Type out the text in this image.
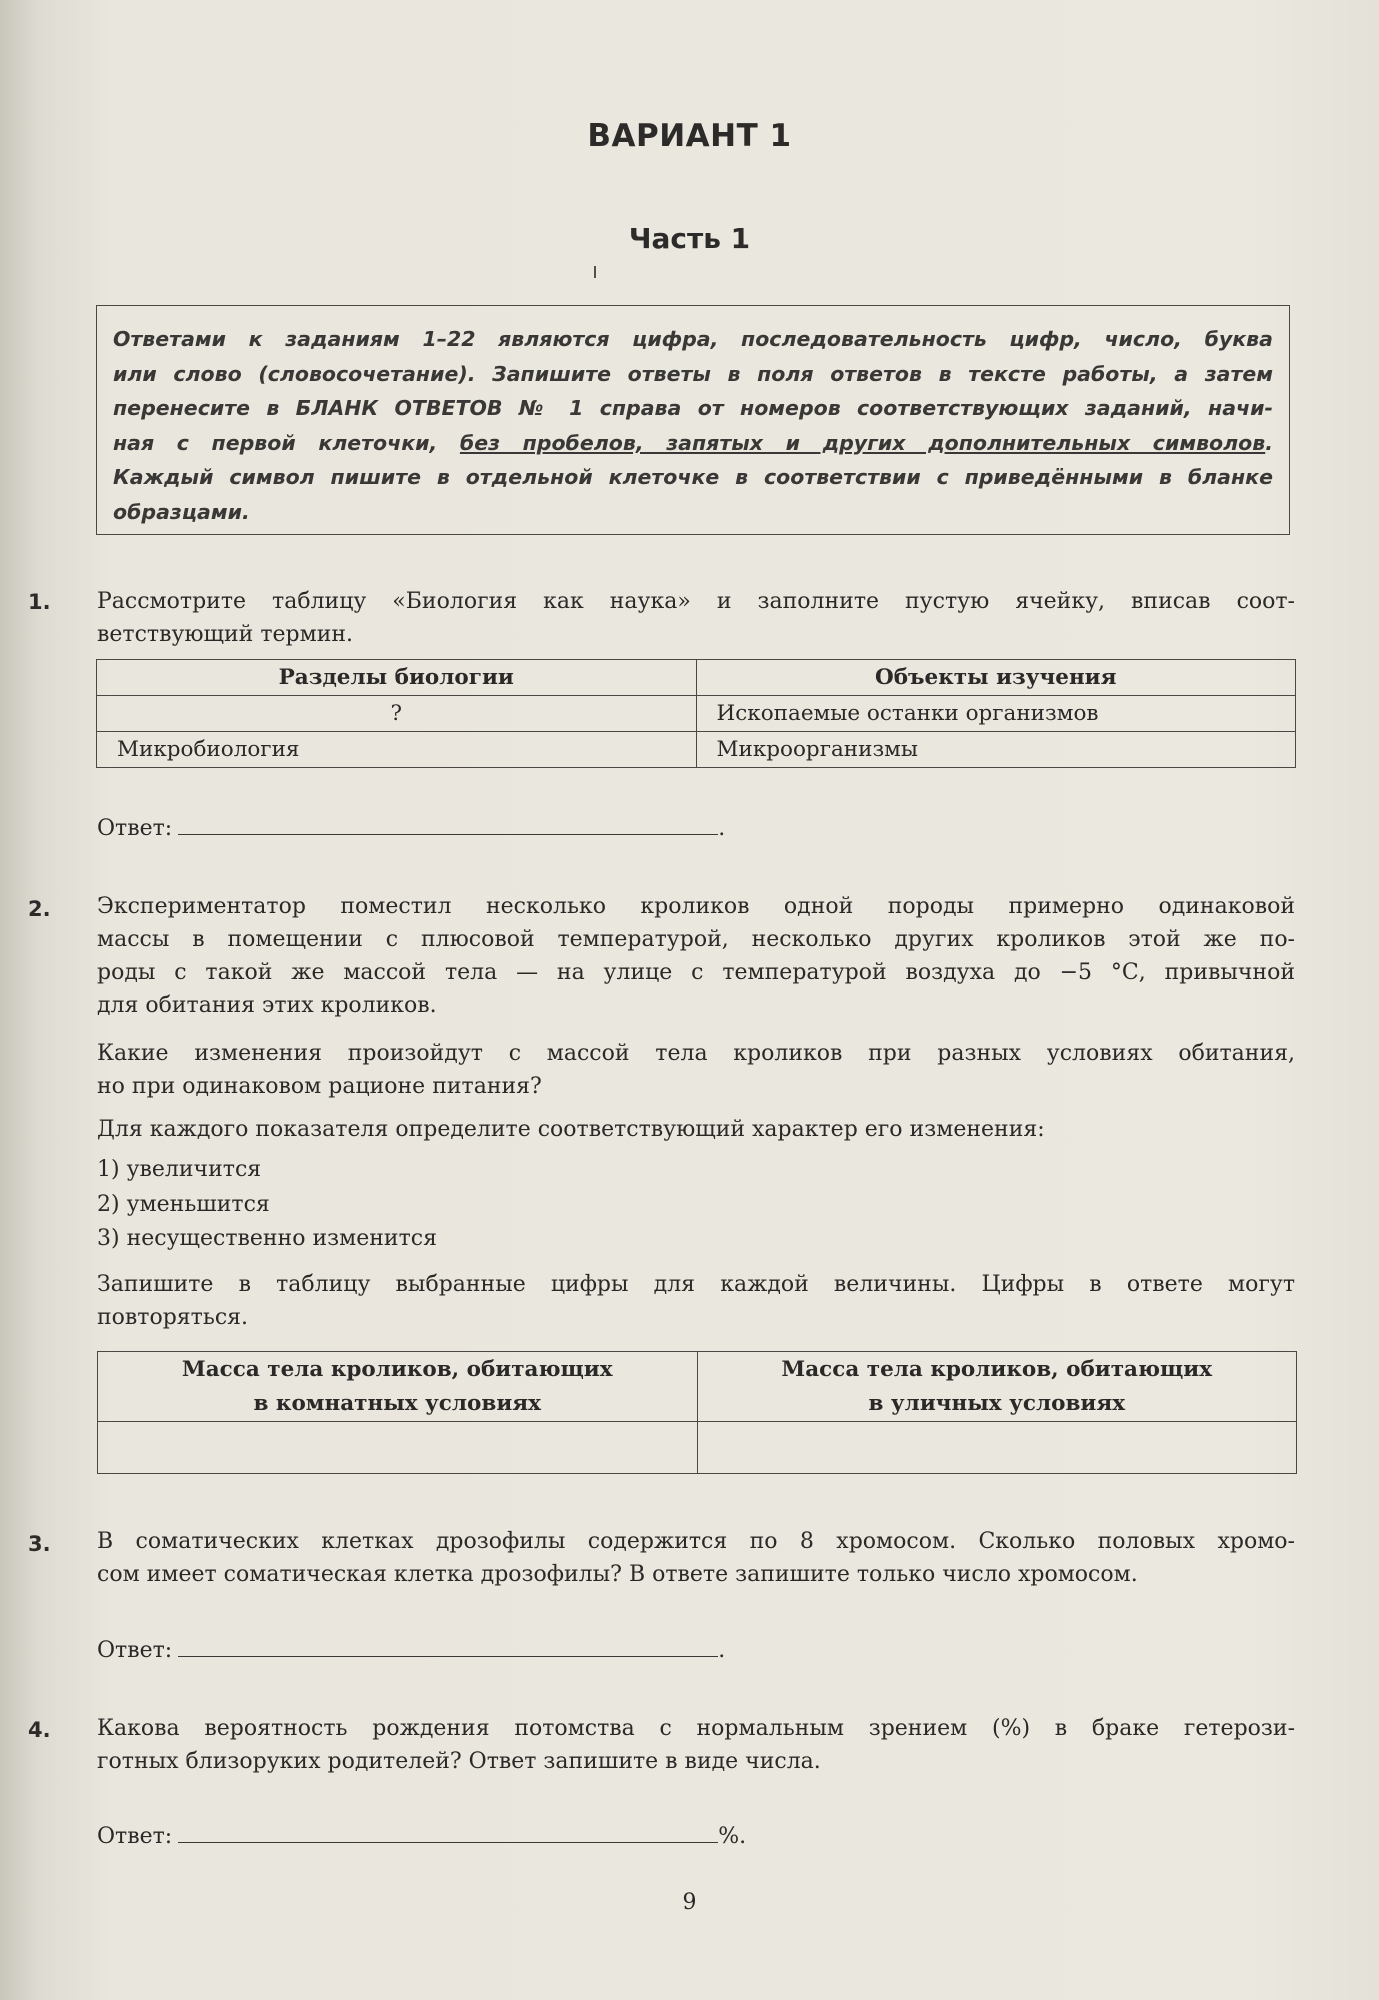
ВАРИАНТ 1
Часть 1
Ответами к заданиям 1–22 являются цифра, последовательность цифр, число, буква
или слово (словосочетание). Запишите ответы в поля ответов в тексте работы, а затем
перенесите в БЛАНК ОТВЕТОВ № 1 справа от номеров соответствующих заданий, начи-
ная с первой клеточки, без пробелов, запятых и других дополнительных символов.
Каждый символ пишите в отдельной клеточке в соответствии с приведёнными в бланке
образцами.
1. Рассмотрите таблицу «Биология как наука» и заполните пустую ячейку, вписав соот-
ветствующий термин.
Разделы биологии	Объекты изучения
?	Ископаемые останки организмов
Микробиология	Микроорганизмы
Ответ:	.
2. Экспериментатор поместил несколько кроликов одной породы примерно одинаковой
массы в помещении с плюсовой температурой, несколько других кроликов этой же по-
роды с такой же массой тела — на улице с температурой воздуха до −5 °С, привычной
для обитания этих кроликов.
Какие изменения произойдут с массой тела кроликов при разных условиях обитания,
но при одинаковом рационе питания?
Для каждого показателя определите соответствующий характер его изменения:
1) увеличится
2) уменьшится
3) несущественно изменится
Запишите в таблицу выбранные цифры для каждой величины. Цифры в ответе могут
повторяться.
Масса тела кроликов, обитающих
в комнатных условиях	Масса тела кроликов, обитающих
в уличных условиях

3. В соматических клетках дрозофилы содержится по 8 хромосом. Сколько половых хромо-
сом имеет соматическая клетка дрозофилы? В ответе запишите только число хромосом.
Ответ:	.
4. Какова вероятность рождения потомства с нормальным зрением (%) в браке гетерози-
готных близоруких родителей? Ответ запишите в виде числа.
Ответ:	%.
9
